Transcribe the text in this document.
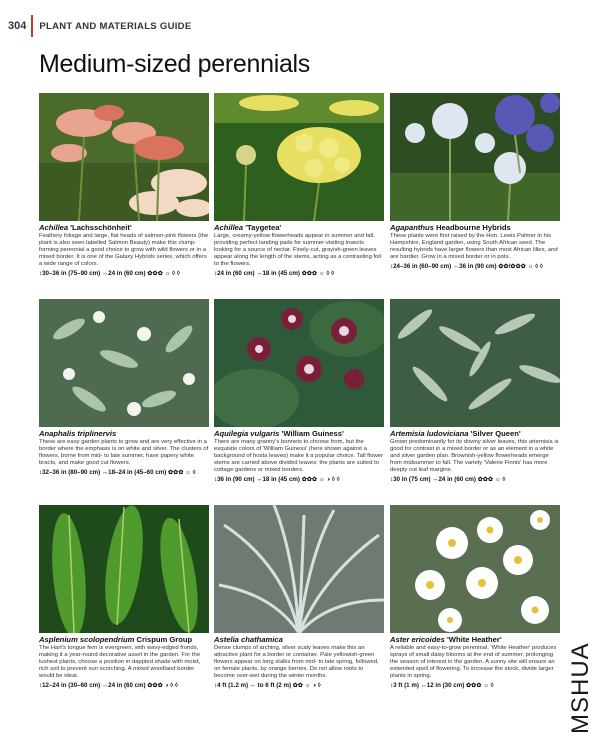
304 PLANT AND MATERIALS GUIDE
Medium-sized perennials
Achillea 'Lachsschönheit'
Feathery foliage and large, flat heads of salmon-pink flowers (the plant is also seen labelled Salmon Beauty) make this clump-forming perennial a good choice to grow with wild flowers or in a mixed border. It is one of the Galaxy Hybrids series, which offers a wide range of colors.
↕30–36 in (75–90 cm) ↔24 in (60 cm) ✿✿✿ ☼ ◊ ◊
Achillea 'Taygetea'
Large, creamy-yellow flowerheads appear in summer and fall, providing perfect landing pads for summer-visiting insects looking for a source of nectar. Finely-cut, grayish-green leaves appear along the length of the stems, acting as a contrasting foil to the flowers.
↕24 in (60 cm) ↔18 in (45 cm) ✿✿✿ ☼ ◊ ◊
Agapanthus Headbourne Hybrids
These plants were first raised by the Hon. Lewis Palmer in his Hampshire, England garden, using South African seed. The resulting hybrids have larger flowers than most African lilies, and are hardier. Grow in a mixed border or in pots.
↕24–36 in (60–90 cm) ↔36 in (90 cm) ✿✿/✿✿✿ ☼ ◊ ◊
Anaphalis triplinervis
These are easy garden plants to grow and are very effective in a border where the emphasis is on white and silver. The clusters of flowers, borne from mid- to late summer, have papery white bracts, and make good cut flowers.
↕32–36 in (80–90 cm) ↔18–24 in (45–60 cm) ✿✿✿ ☼ ◊
Aquilegia vulgaris 'William Guiness'
There are many granny's bonnets to choose from, but the exquisite colors of 'William Guiness' (here shown against a background of hosta leaves) make it a popular choice. Tall flower stems are carried above divided leaves; the plants are suited to cottage gardens or mixed borders.
↕36 in (90 cm) ↔18 in (45 cm) ✿✿✿ ☼ ◑ ◊ ◊
Artemisia ludoviciana 'Silver Queen'
Grown predominantly for its downy silver leaves, this artemisia is good for contrast in a mixed border or as an element in a white and silver garden plan. Brownish-yellow flowerheads emerge from midsummer to fall. The variety 'Valerie Finnis' has more deeply cut leaf margins.
↕30 in (75 cm) ↔24 in (60 cm) ✿✿✿ ☼ ◊
Asplenium scolopendrium Crispum Group
The Hart's tongue fern is evergreen, with wavy-edged fronds, making it a year-round decorative asset in the garden. For the lushest plants, choose a position in dappled shade with moist, rich soil to prevent sun scorching. A mixed woodland border would be ideal.
↕12–24 in (30–60 cm) ↔24 in (60 cm) ✿✿✿ ◑ ◊ ◊
Astelia chathamica
Dense clumps of arching, silver scaly leaves make this an attractive plant for a border or container. Pale yellowish-green flowers appear on long stalks from mid- to late spring, followed, on female plants, by orange berries. Do not allow roots to become over-wet during the winter months.
↕4 ft (1.2 m) ↔ to 6 ft (2 m) ✿✿ ☼ ◑ ◊
Aster ericoides 'White Heather'
A reliable and easy-to-grow perennial, 'White Heather' produces sprays of small daisy blooms at the end of summer, prolonging the season of interest in the garden. A sunny site will ensure an extended spell of flowering. To increase the stock, divide larger plants in spring.
↕3 ft (1 m) ↔12 in (30 cm) ✿✿✿ ☼ ◊	MSHUA
